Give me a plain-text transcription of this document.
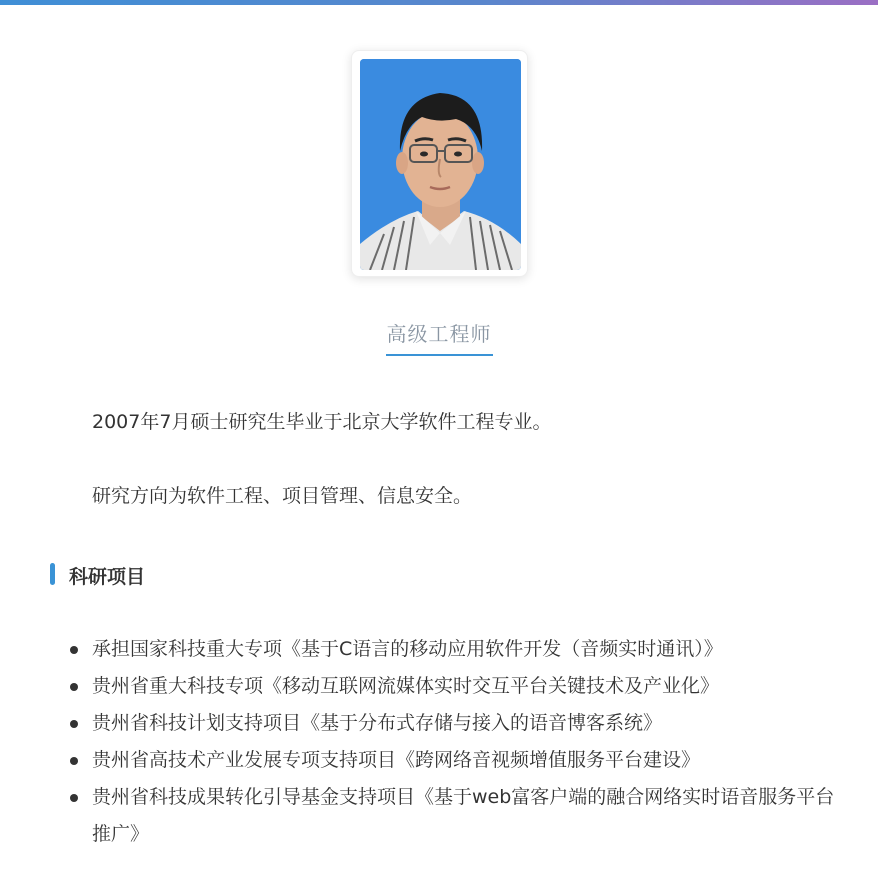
高级工程师

2007年7月硕士研究生毕业于北京大学软件工程专业。

研究方向为软件工程、项目管理、信息安全。

科研项目
承担国家科技重大专项《基于C语言的移动应用软件开发（音频实时通讯）》
贵州省重大科技专项《移动互联网流媒体实时交互平台关键技术及产业化》
贵州省科技计划支持项目《基于分布式存储与接入的语音博客系统》
贵州省高技术产业发展专项支持项目《跨网络音视频增值服务平台建设》
贵州省科技成果转化引导基金支持项目《基于web富客户端的融合网络实时语音服务平台推广》
